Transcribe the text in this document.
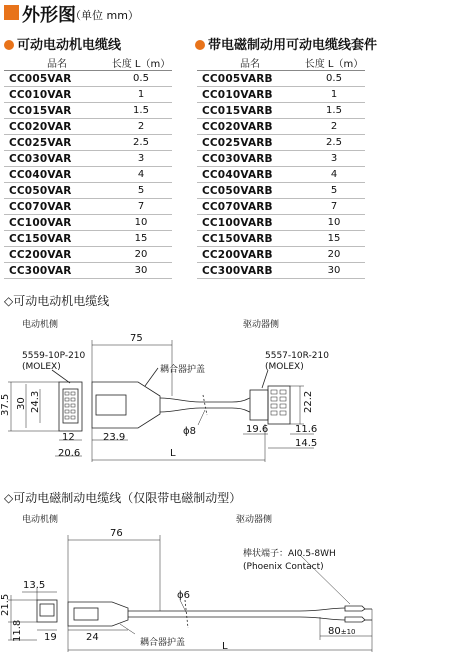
外形图
（单位 mm）
可动电动机电缆线
品名	长度 L（m）
CC005VAR	0.5
CC010VAR	1
CC015VAR	1.5
CC020VAR	2
CC025VAR	2.5
CC030VAR	3
CC040VAR	4
CC050VAR	5
CC070VAR	7
CC100VAR	10
CC150VAR	15
CC200VAR	20
CC300VAR	30
带电磁制动用可动电缆线套件
品名	长度 L（m）
CC005VARB	0.5
CC010VARB	1
CC015VARB	1.5
CC020VARB	2
CC025VARB	2.5
CC030VARB	3
CC040VARB	4
CC050VARB	5
CC070VARB	7
CC100VARB	10
CC150VARB	15
CC200VARB	20
CC300VARB	30
◇可动电动机电缆线
电动机侧	驱动器侧
5559-10P-210
(MOLEX)
5557-10R-210
(MOLEX)
耦合器护盖
75
37.5 30 24.3
12
20.6
23.9
ϕ8
L
19.6
22.2
11.6
14.5
◇可动电磁制动电缆线（仅限带电磁制动型）
电动机侧	驱动器侧
棒状端子：AI0.5-8WH
(Phoenix Contact)
耦合器护盖
76
13.5
ϕ6
21.5
11.8 19	24
L
80±10
